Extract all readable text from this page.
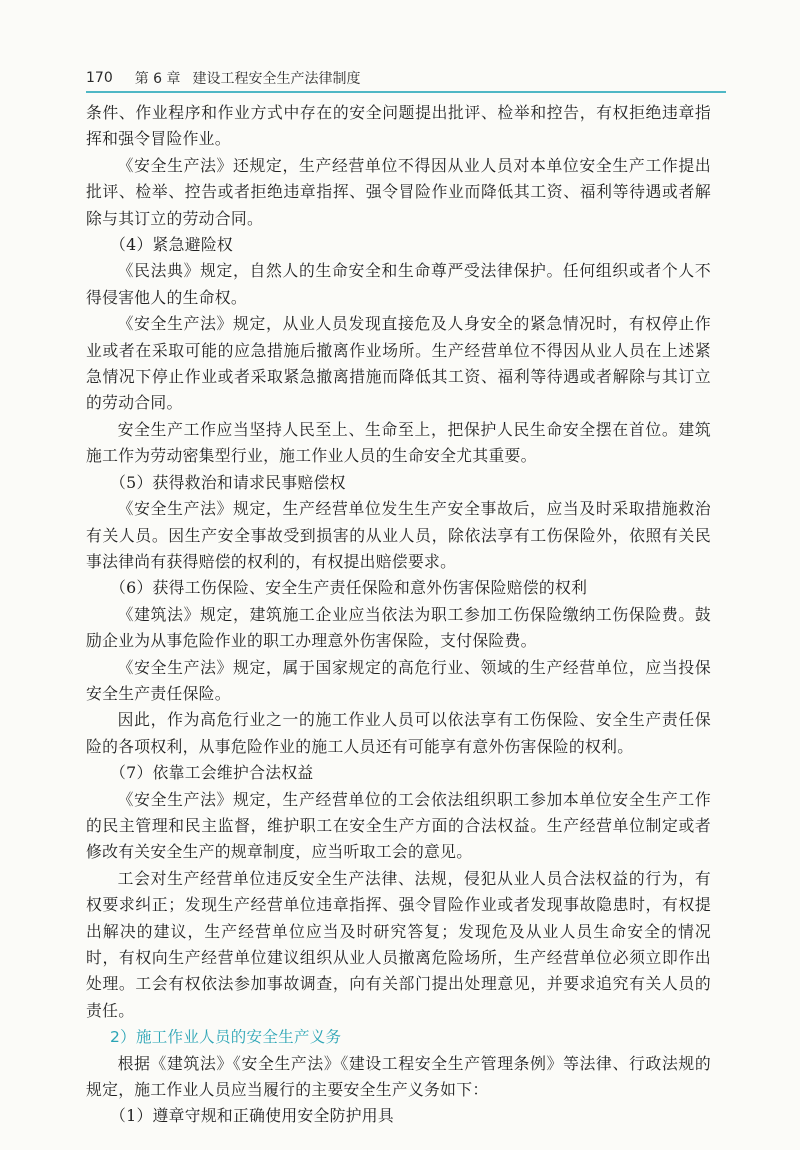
170 第 6 章 建设工程安全生产法律制度

条件、作业程序和作业方式中存在的安全问题提出批评、检举和控告，有权拒绝违章指挥和强令冒险作业。

《安全生产法》还规定，生产经营单位不得因从业人员对本单位安全生产工作提出批评、检举、控告或者拒绝违章指挥、强令冒险作业而降低其工资、福利等待遇或者解除与其订立的劳动合同。

（4）紧急避险权

《民法典》规定，自然人的生命安全和生命尊严受法律保护。任何组织或者个人不得侵害他人的生命权。

《安全生产法》规定，从业人员发现直接危及人身安全的紧急情况时，有权停止作业或者在采取可能的应急措施后撤离作业场所。生产经营单位不得因从业人员在上述紧急情况下停止作业或者采取紧急撤离措施而降低其工资、福利等待遇或者解除与其订立的劳动合同。

安全生产工作应当坚持人民至上、生命至上，把保护人民生命安全摆在首位。建筑施工作为劳动密集型行业，施工作业人员的生命安全尤其重要。

（5）获得救治和请求民事赔偿权

《安全生产法》规定，生产经营单位发生生产安全事故后，应当及时采取措施救治有关人员。因生产安全事故受到损害的从业人员，除依法享有工伤保险外，依照有关民事法律尚有获得赔偿的权利的，有权提出赔偿要求。

（6）获得工伤保险、安全生产责任保险和意外伤害保险赔偿的权利

《建筑法》规定，建筑施工企业应当依法为职工参加工伤保险缴纳工伤保险费。鼓励企业为从事危险作业的职工办理意外伤害保险，支付保险费。

《安全生产法》规定，属于国家规定的高危行业、领域的生产经营单位，应当投保安全生产责任保险。

因此，作为高危行业之一的施工作业人员可以依法享有工伤保险、安全生产责任保险的各项权利，从事危险作业的施工人员还有可能享有意外伤害保险的权利。

（7）依靠工会维护合法权益

《安全生产法》规定，生产经营单位的工会依法组织职工参加本单位安全生产工作的民主管理和民主监督，维护职工在安全生产方面的合法权益。生产经营单位制定或者修改有关安全生产的规章制度，应当听取工会的意见。

工会对生产经营单位违反安全生产法律、法规，侵犯从业人员合法权益的行为，有权要求纠正；发现生产经营单位违章指挥、强令冒险作业或者发现事故隐患时，有权提出解决的建议，生产经营单位应当及时研究答复；发现危及从业人员生命安全的情况时，有权向生产经营单位建议组织从业人员撤离危险场所，生产经营单位必须立即作出处理。工会有权依法参加事故调查，向有关部门提出处理意见，并要求追究有关人员的责任。

2）施工作业人员的安全生产义务

根据《建筑法》《安全生产法》《建设工程安全生产管理条例》等法律、行政法规的规定，施工作业人员应当履行的主要安全生产义务如下：

（1）遵章守规和正确使用安全防护用具
